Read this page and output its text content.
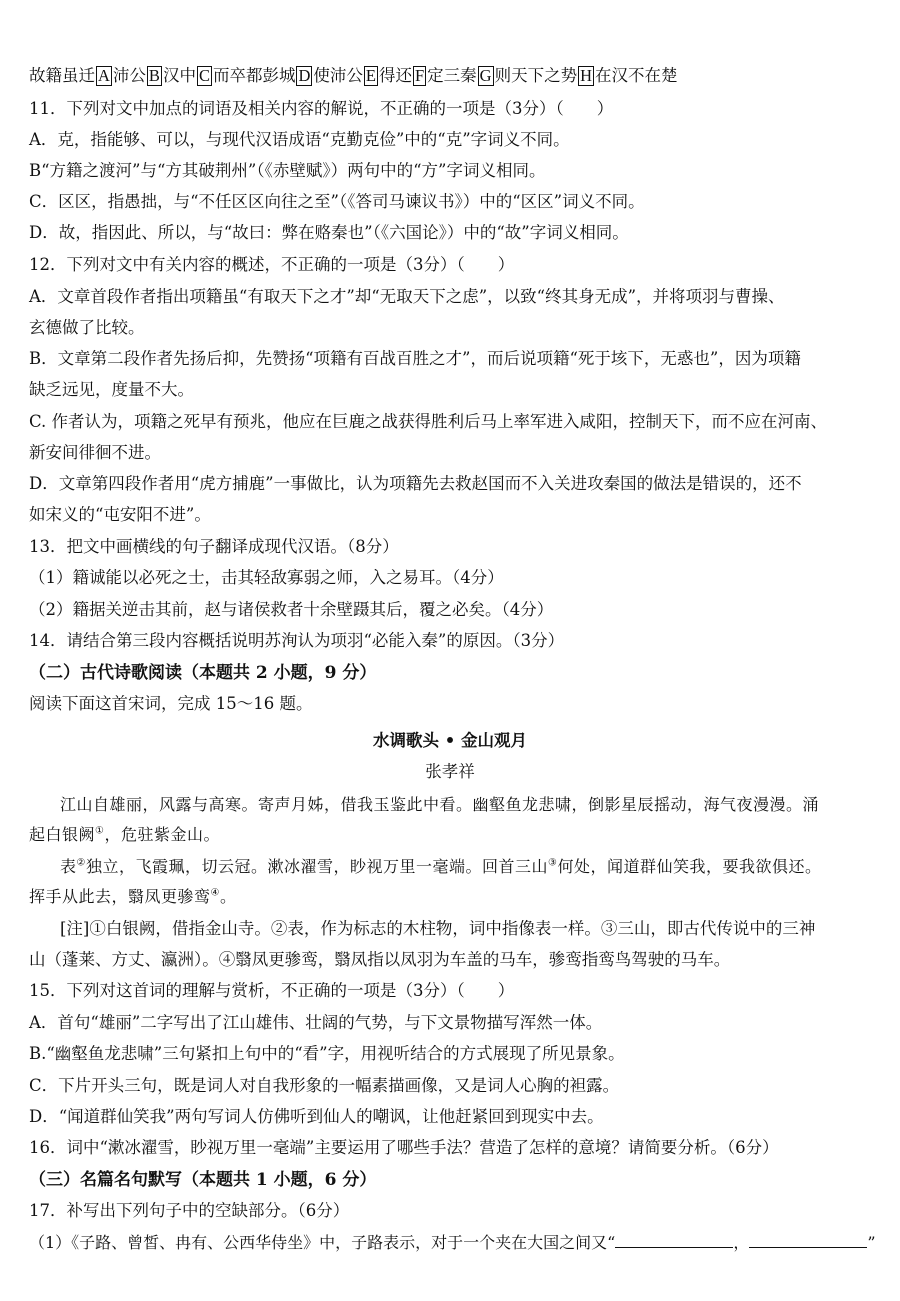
故籍虽迁 A 沛公 B 汉中 C 而卒都彭城 D 使沛公 E 得还 F 定三秦 G 则天下之势 H 在汉不在楚
11．下列对文中加点的词语及相关内容的解说，不正确的一项是（3分）（　　）
A．克，指能够、可以，与现代汉语成语“克勤克俭”中的“克”字词义不同。
B“方籍之渡河”与“方其破荆州”（《赤壁赋》）两句中的“方”字词义相同。
C．区区，指愚拙，与“不任区区向往之至”（《答司马谏议书》）中的“区区”词义不同。
D．故，指因此、所以，与“故曰：弊在赂秦也”（《六国论》）中的“故”字词义相同。
12．下列对文中有关内容的概述，不正确的一项是（3分）（　　）
A．文章首段作者指出项籍虽“有取天下之才”却“无取天下之虑”，以致“终其身无成”，并将项羽与曹操、
玄德做了比较。
B．文章第二段作者先扬后抑，先赞扬“项籍有百战百胜之才”，而后说项籍“死于垓下，无惑也”，因为项籍
缺乏远见，度量不大。
C. 作者认为，项籍之死早有预兆，他应在巨鹿之战获得胜利后马上率军进入咸阳，控制天下，而不应在河南、
新安间徘徊不进。
D．文章第四段作者用“虎方捕鹿”一事做比，认为项籍先去救赵国而不入关进攻秦国的做法是错误的，还不
如宋义的“屯安阳不进”。
13．把文中画横线的句子翻译成现代汉语。（8分）
（1）籍诚能以必死之士，击其轻敌寡弱之师，入之易耳。（4分）
（2）籍据关逆击其前，赵与诸侯救者十余壁蹑其后，覆之必矣。（4分）
14．请结合第三段内容概括说明苏洵认为项羽“必能入秦”的原因。（3分）
（二）古代诗歌阅读（本题共 2 小题，9 分）
阅读下面这首宋词，完成 15～16 题。
水调歌头 • 金山观月
张孝祥
江山自雄丽，风露与高寒。寄声月姊，借我玉鉴此中看。幽壑鱼龙悲啸，倒影星辰摇动，海气夜漫漫。涌
起白银阙①，危驻紫金山。
表②独立，飞霞珮，切云冠。漱冰濯雪，眇视万里一毫端。回首三山③何处，闻道群仙笑我，要我欲俱还。
挥手从此去，翳凤更骖鸾④。
[注]①白银阙，借指金山寺。②表，作为标志的木柱物，词中指像表一样。③三山，即古代传说中的三神
山（蓬莱、方丈、瀛洲）。④翳凤更骖鸾，翳凤指以凤羽为车盖的马车，骖鸾指鸾鸟驾驶的马车。
15．下列对这首词的理解与赏析，不正确的一项是（3分）（　　）
A．首句“雄丽”二字写出了江山雄伟、壮阔的气势，与下文景物描写浑然一体。
B.“幽壑鱼龙悲啸”三句紧扣上句中的“看”字，用视听结合的方式展现了所见景象。
C．下片开头三句，既是词人对自我形象的一幅素描画像，又是词人心胸的袒露。
D．“闻道群仙笑我”两句写词人仿佛听到仙人的嘲讽，让他赶紧回到现实中去。
16．词中“漱冰濯雪，眇视万里一毫端”主要运用了哪些手法？营造了怎样的意境？请简要分析。（6分）
（三）名篇名句默写（本题共 1 小题，6 分）
17．补写出下列句子中的空缺部分。（6分）
（1）《子路、曾皙、冉有、公西华侍坐》中，子路表示，对于一个夹在大国之间又“	，	”
